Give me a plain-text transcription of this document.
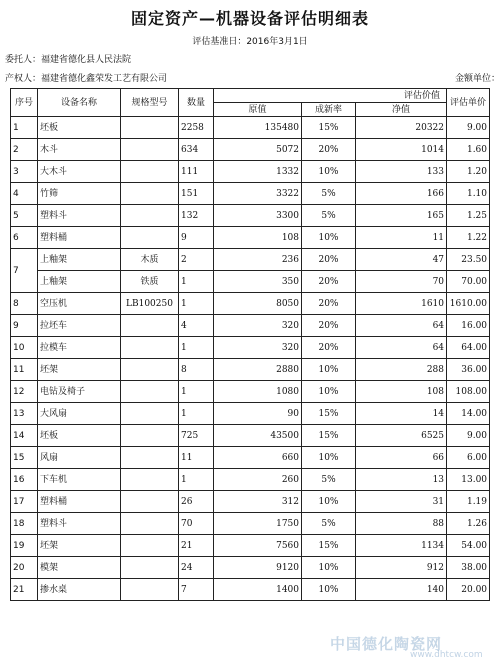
固定资产—机器设备评估明细表
评估基准日：2016年3月1日
委托人：福建省德化县人民法院
产权人：福建省德化鑫荣发工艺有限公司	金额单位：
序号	设备名称	规格型号	数量	评估价值			评估单价
				原值	成新率	净值	
1	坯板		2258	135480	15%	20322	9.00
2	木斗		634	5072	20%	1014	1.60
3	大木斗		111	1332	10%	133	1.20
4	竹筛		151	3322	5%	166	1.10
5	塑料斗		132	3300	5%	165	1.25
6	塑料桶		9	108	10%	11	1.22
7	上釉架	木质	2	236	20%	47	23.50
	上釉架	铁质	1	350	20%	70	70.00
8	空压机	LB100250	1	8050	20%	1610	1610.00
9	拉坯车		4	320	20%	64	16.00
10	拉模车		1	320	20%	64	64.00
11	坯架		8	2880	10%	288	36.00
12	电钻及椅子		1	1080	10%	108	108.00
13	大风扇		1	90	15%	14	14.00
14	坯板		725	43500	15%	6525	9.00
15	风扇		11	660	10%	66	6.00
16	下车机		1	260	5%	13	13.00
17	塑料桶		26	312	10%	31	1.19
18	塑料斗		70	1750	5%	88	1.26
19	坯架		21	7560	15%	1134	54.00
20	模架		24	9120	10%	912	38.00
21	掺水桌		7	1400	10%	140	20.00
中国德化陶瓷网
www.dhtcw.com
